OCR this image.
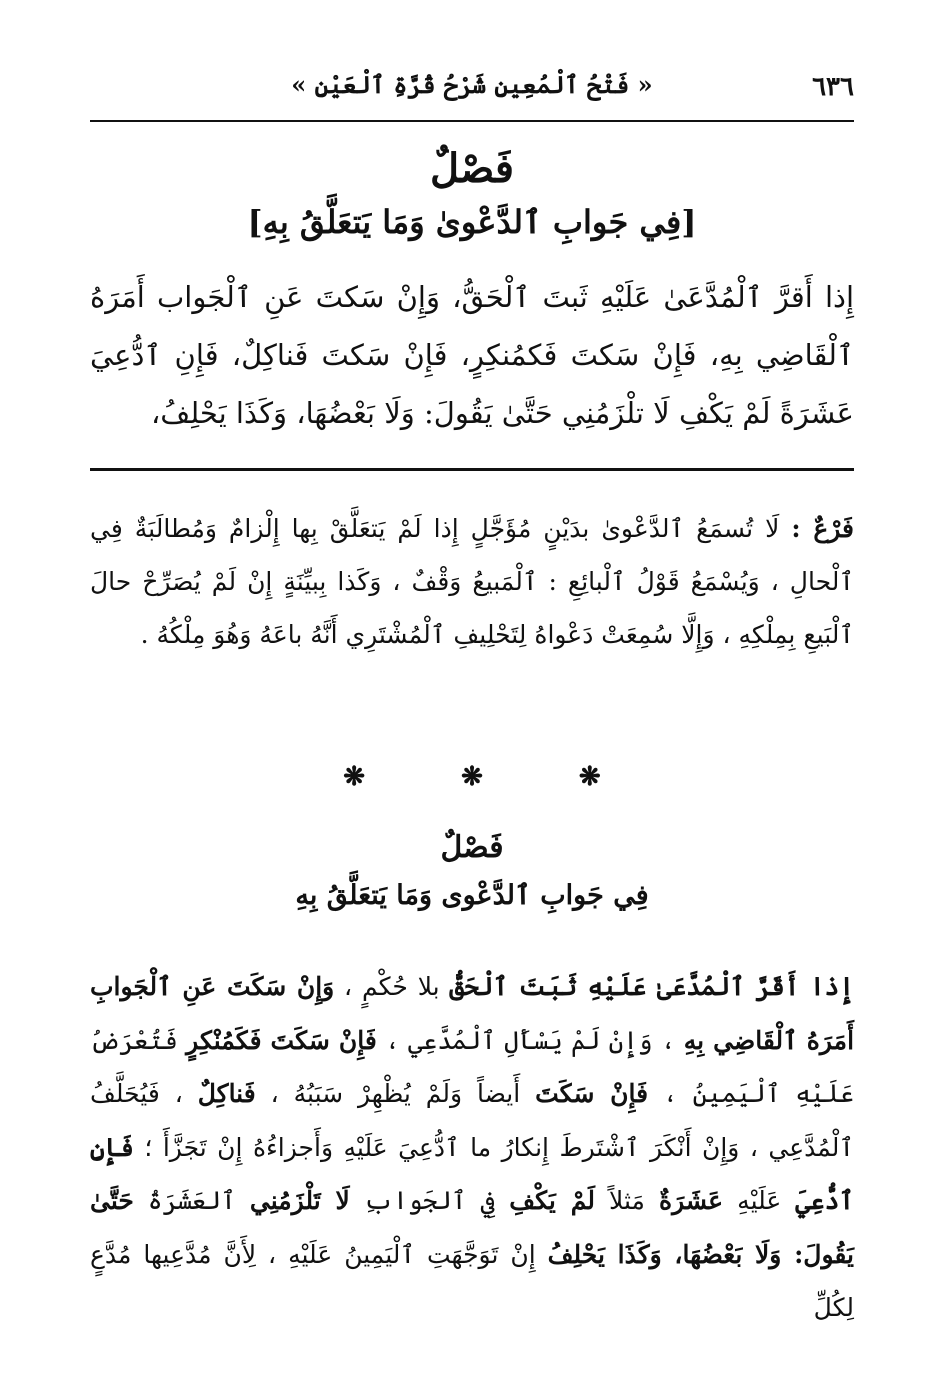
٦٣٦
« فَتْحُ ٱلْمُعِينِ شَرْحُ قُرَّةِ ٱلْعَيْنِ »
فَصْلٌ
[فِي جَوابِ ٱلدَّعْوىٰ وَمَا يَتعَلَّقُ بِهِ]
إِذا أَقرَّ ٱلْمُدَّعَىٰ عَلَيْهِ ثَبتَ ٱلْحَقُّ، وَإِنْ سَكتَ عَنِ ٱلْجَواب أَمَرَهُ ٱلْقَاضِي بِهِ، فَإِنْ سَكتَ فَكمُنكِرٍ، فَإِنْ سَكتَ فَناكِلٌ، فَإِنِ ٱدُّعِيَ عَشَرَةً لَمْ يَكْفِ لَا تلْزَمُنِي حَتَّىٰ يَقُولَ: وَلَا بَعْضُهَا، وَكَذَا يَحْلِفُ،
فَرْعٌ : لَا تُسمَعُ ٱلدَّعْوىٰ بدَيْنٍ مُؤَجَّلٍ إِذا لَمْ يَتعَلَّقْ بِها إِلْزامٌ وَمُطالَبَةٌ فِي ٱلْحالِ ، وَيُسْمَعُ قَوْلُ ٱلْبائِعِ : ٱلْمَبيعُ وَقْفٌ ، وَكَذا بِبيِّنَةٍ إِنْ لَمْ يُصَرِّحْ حالَ ٱلْبَيعِ بِمِلْكِهِ ، وَإِلَّا سُمِعَتْ دَعْواهُ لِتَحْلِيفِ ٱلْمُشْتَرِي أَنَّهُ باعَهُ وَهُوَ مِلْكُهُ .
❋❋❋
فَصْلٌ
فِي جَوابِ ٱلدَّعْوى وَمَا يَتعَلَّقُ بِهِ
إِذا أَقَرَّ ٱلْمُدَّعَىٰ عَلَيْهِ ثَبَتَ ٱلْحَقُّ بلا حُكْمٍ ، وَإِنْ سَكَتَ عَنِ ٱلْجَوابِ أَمَرَهُ ٱلْقَاضِي بِهِ ، وَإِنْ لَمْ يَسْأَلِ ٱلْمُدَّعِي ، فَإِنْ سَكَتَ فَكَمُنْكِرٍ فَتُعْرَضُ عَلَيْهِ ٱلْيَمِينُ ، فَإِنْ سَكَتَ أَيضاً وَلَمْ يُظْهِرْ سَبَبُهُ ، فَناكِلٌ ، فَيُحَلَّفُ ٱلْمُدَّعِي ، وَإِنْ أَنْكَرَ ٱشْتَرطَ إِنكارُ ما ٱدُّعِيَ عَلَيْهِ وَأَجزاءُهُ إِنْ تَجَزَّأَ ؛ فَإِنِ ٱدُّعِيَ عَلَيْهِ عَشَرَةٌ مَثلاً لَمْ يَكْفِ فِي ٱلجَوابِ لَا تَلْزَمُنِي ٱلعَشَرَةُ حَتَّىٰ يَقُولَ: وَلَا بَعْضُهَا، وَكَذَا يَحْلِفُ إِنْ تَوَجَّهَتِ ٱلْيَمِينُ عَلَيْهِ ، لِأَنَّ مُدَّعِيها مُدَّعٍ لِكُلِّ
